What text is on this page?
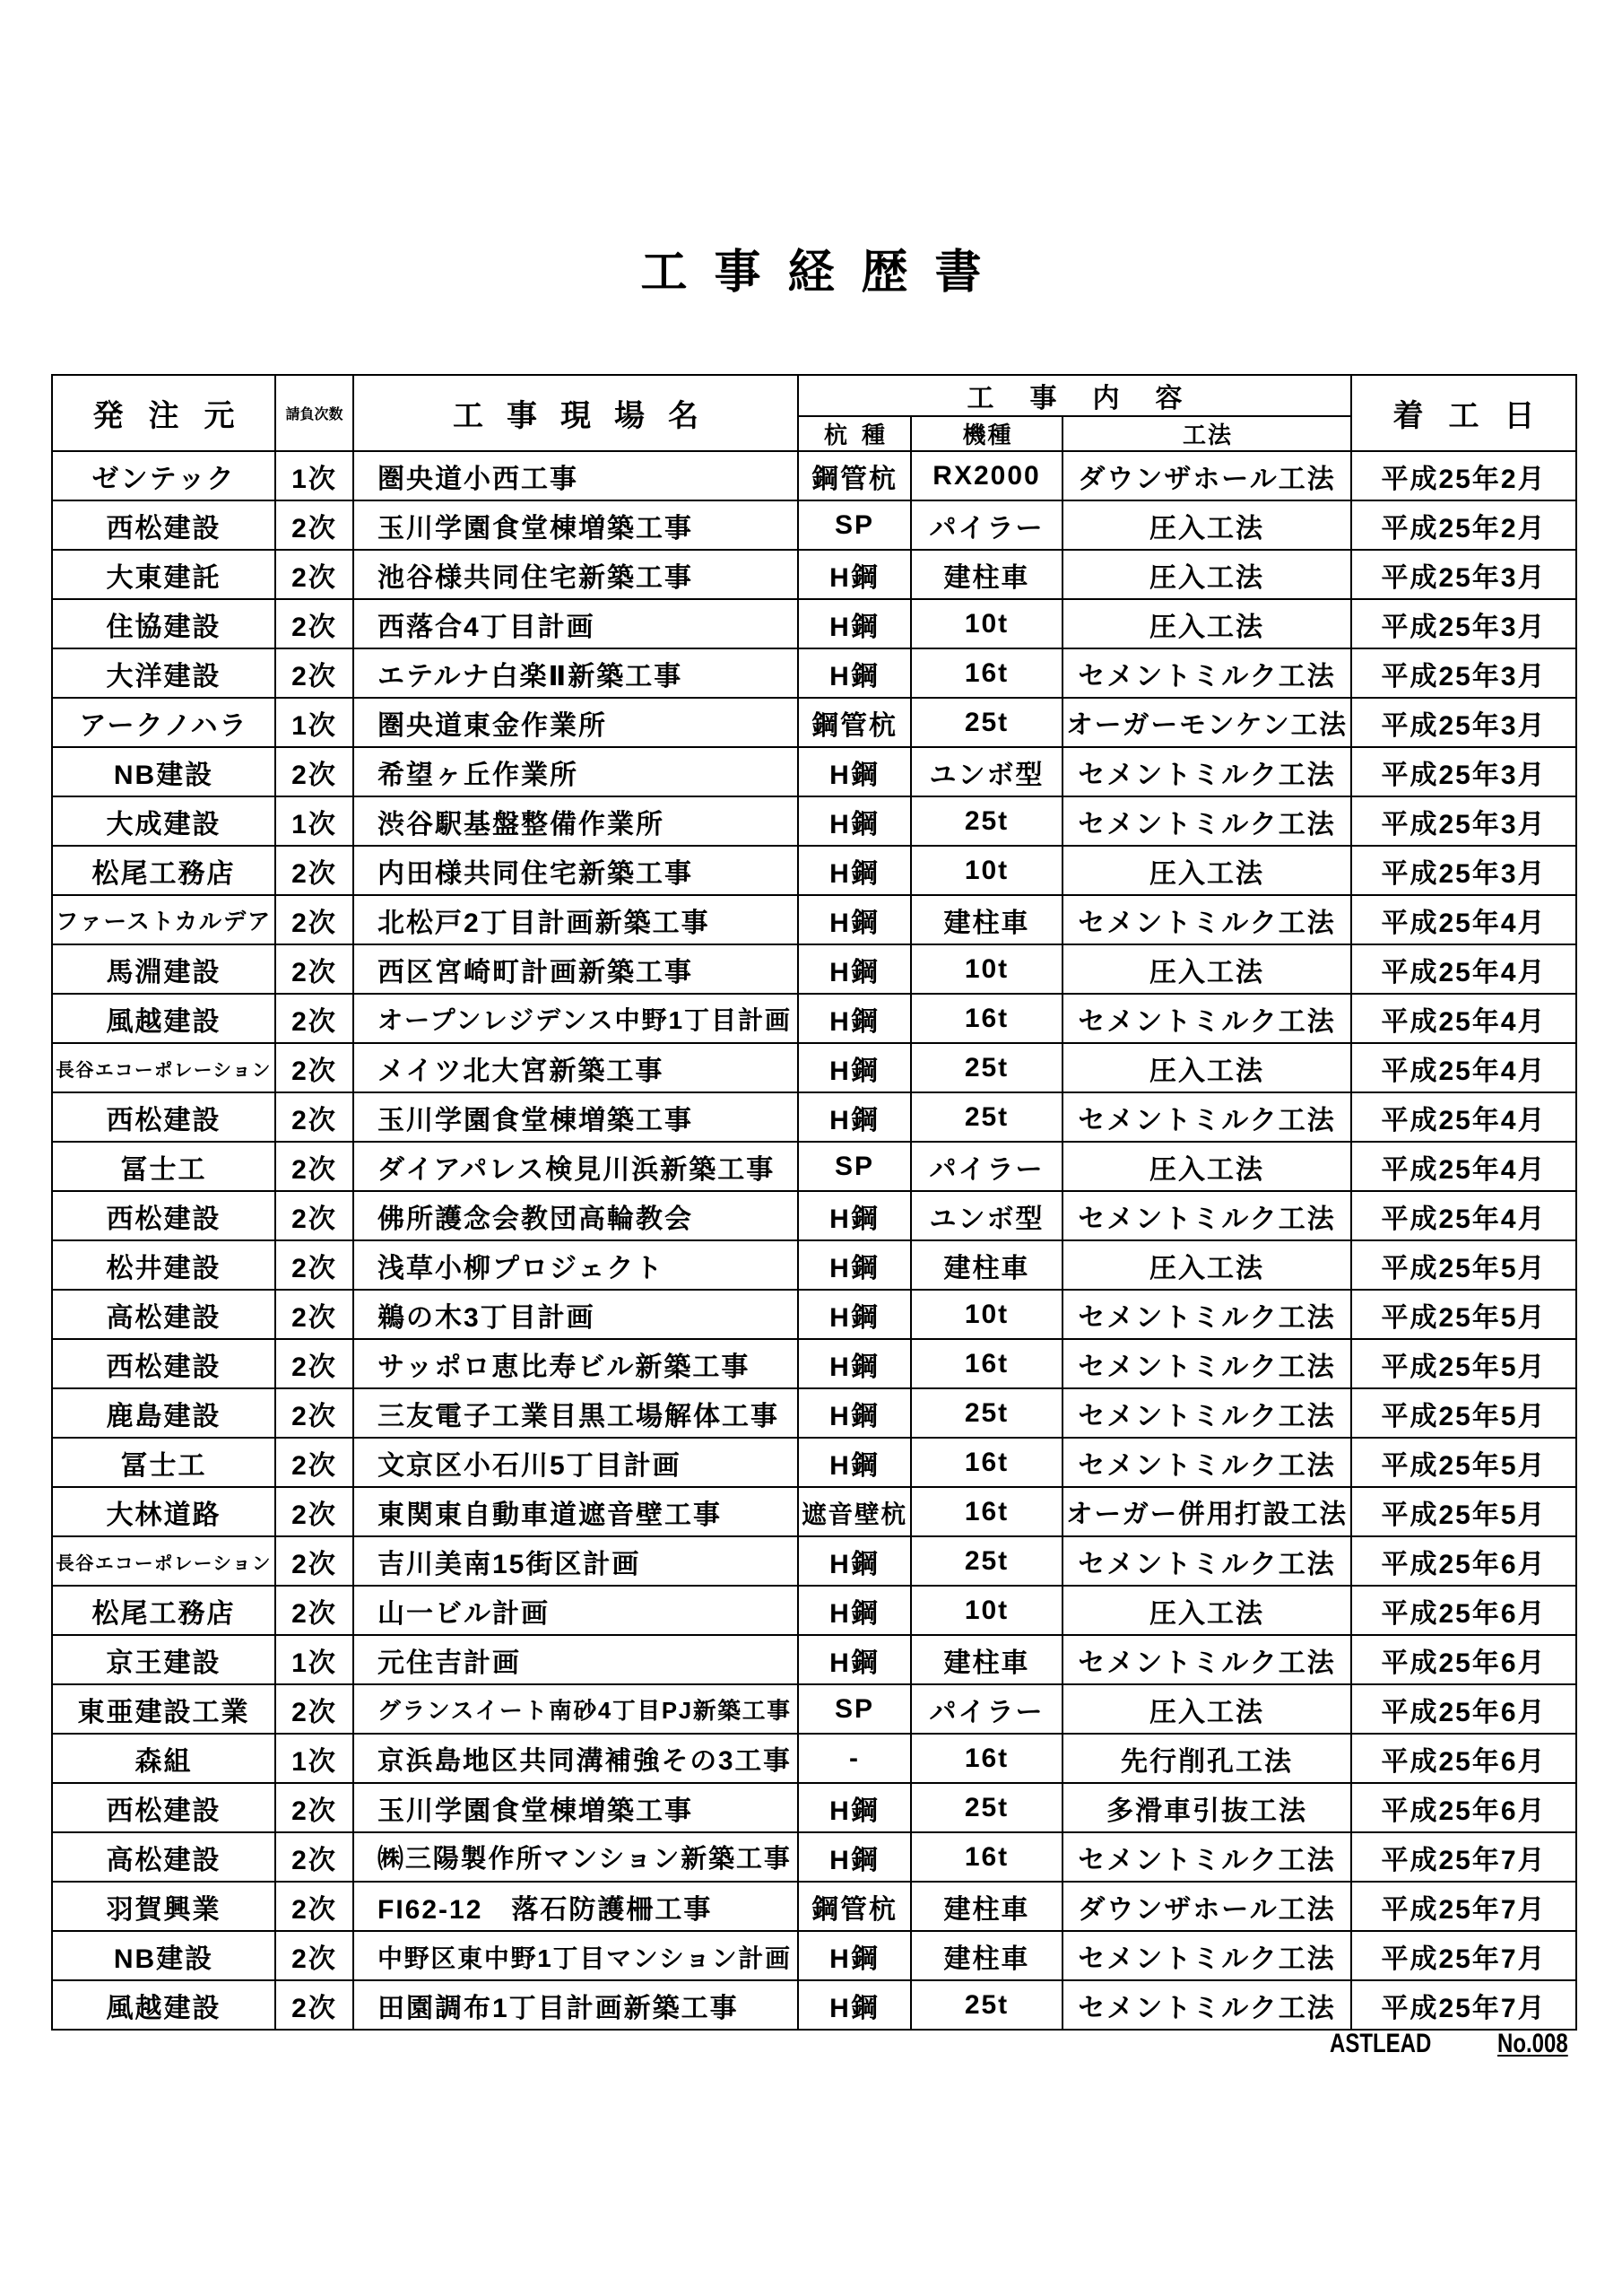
工事経歴書
発注元	請負次数	工事現場名	工事内容			着工日
			杭種	機種	工法	
ゼンテック	1次	圏央道小西工事	鋼管杭	RX2000	ダウンザホール工法	平成25年2月
西松建設	2次	玉川学園食堂棟増築工事	SP	パイラー	圧入工法	平成25年2月
大東建託	2次	池谷様共同住宅新築工事	H鋼	建柱車	圧入工法	平成25年3月
住協建設	2次	西落合4丁目計画	H鋼	10t	圧入工法	平成25年3月
大洋建設	2次	エテルナ白楽Ⅱ新築工事	H鋼	16t	セメントミルク工法	平成25年3月
アークノハラ	1次	圏央道東金作業所	鋼管杭	25t	オーガーモンケン工法	平成25年3月
NB建設	2次	希望ヶ丘作業所	H鋼	ユンボ型	セメントミルク工法	平成25年3月
大成建設	1次	渋谷駅基盤整備作業所	H鋼	25t	セメントミルク工法	平成25年3月
松尾工務店	2次	内田様共同住宅新築工事	H鋼	10t	圧入工法	平成25年3月
ファーストカルデア	2次	北松戸2丁目計画新築工事	H鋼	建柱車	セメントミルク工法	平成25年4月
馬淵建設	2次	西区宮崎町計画新築工事	H鋼	10t	圧入工法	平成25年4月
風越建設	2次	オープンレジデンス中野1丁目計画	H鋼	16t	セメントミルク工法	平成25年4月
長谷エコーポレーション	2次	メイツ北大宮新築工事	H鋼	25t	圧入工法	平成25年4月
西松建設	2次	玉川学園食堂棟増築工事	H鋼	25t	セメントミルク工法	平成25年4月
冨士工	2次	ダイアパレス検見川浜新築工事	SP	パイラー	圧入工法	平成25年4月
西松建設	2次	佛所護念会教団高輪教会	H鋼	ユンボ型	セメントミルク工法	平成25年4月
松井建設	2次	浅草小柳プロジェクト	H鋼	建柱車	圧入工法	平成25年5月
高松建設	2次	鵜の木3丁目計画	H鋼	10t	セメントミルク工法	平成25年5月
西松建設	2次	サッポロ恵比寿ビル新築工事	H鋼	16t	セメントミルク工法	平成25年5月
鹿島建設	2次	三友電子工業目黒工場解体工事	H鋼	25t	セメントミルク工法	平成25年5月
冨士工	2次	文京区小石川5丁目計画	H鋼	16t	セメントミルク工法	平成25年5月
大林道路	2次	東関東自動車道遮音壁工事	遮音壁杭	16t	オーガー併用打設工法	平成25年5月
長谷エコーポレーション	2次	吉川美南15街区計画	H鋼	25t	セメントミルク工法	平成25年6月
松尾工務店	2次	山一ビル計画	H鋼	10t	圧入工法	平成25年6月
京王建設	1次	元住吉計画	H鋼	建柱車	セメントミルク工法	平成25年6月
東亜建設工業	2次	グランスイート南砂4丁目PJ新築工事	SP	パイラー	圧入工法	平成25年6月
森組	1次	京浜島地区共同溝補強その3工事	-	16t	先行削孔工法	平成25年6月
西松建設	2次	玉川学園食堂棟増築工事	H鋼	25t	多滑車引抜工法	平成25年6月
高松建設	2次	㈱三陽製作所マンション新築工事	H鋼	16t	セメントミルク工法	平成25年7月
羽賀興業	2次	FI62-12　落石防護柵工事	鋼管杭	建柱車	ダウンザホール工法	平成25年7月
NB建設	2次	中野区東中野1丁目マンション計画	H鋼	建柱車	セメントミルク工法	平成25年7月
風越建設	2次	田園調布1丁目計画新築工事	H鋼	25t	セメントミルク工法	平成25年7月
ASTLEAD No.008
